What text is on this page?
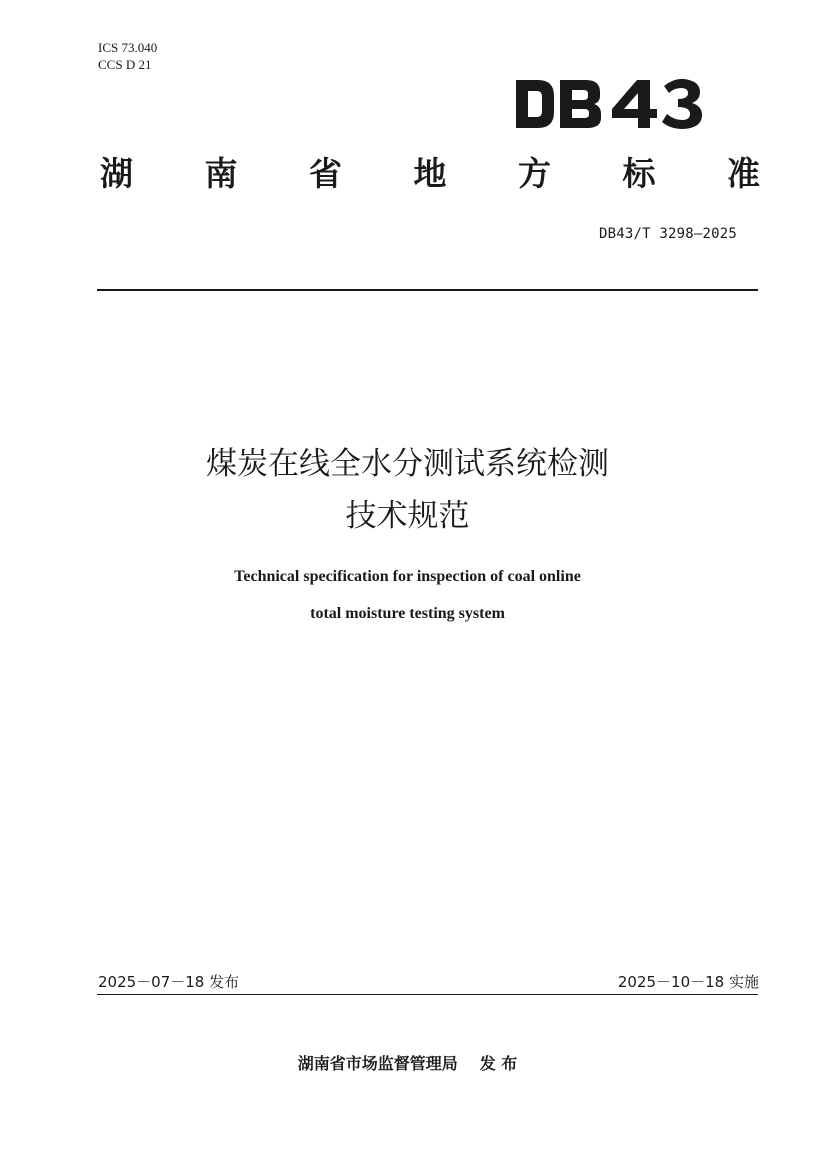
ICS 73.040
CCS D 21
湖 南 省 地 方 标 准
DB43/T 3298—2025
煤炭在线全水分测试系统检测
技术规范
Technical specification for inspection of coal online
total moisture testing system
2025－07－18 发布	2025－10－18 实施
湖南省市场监督管理局 发 布
